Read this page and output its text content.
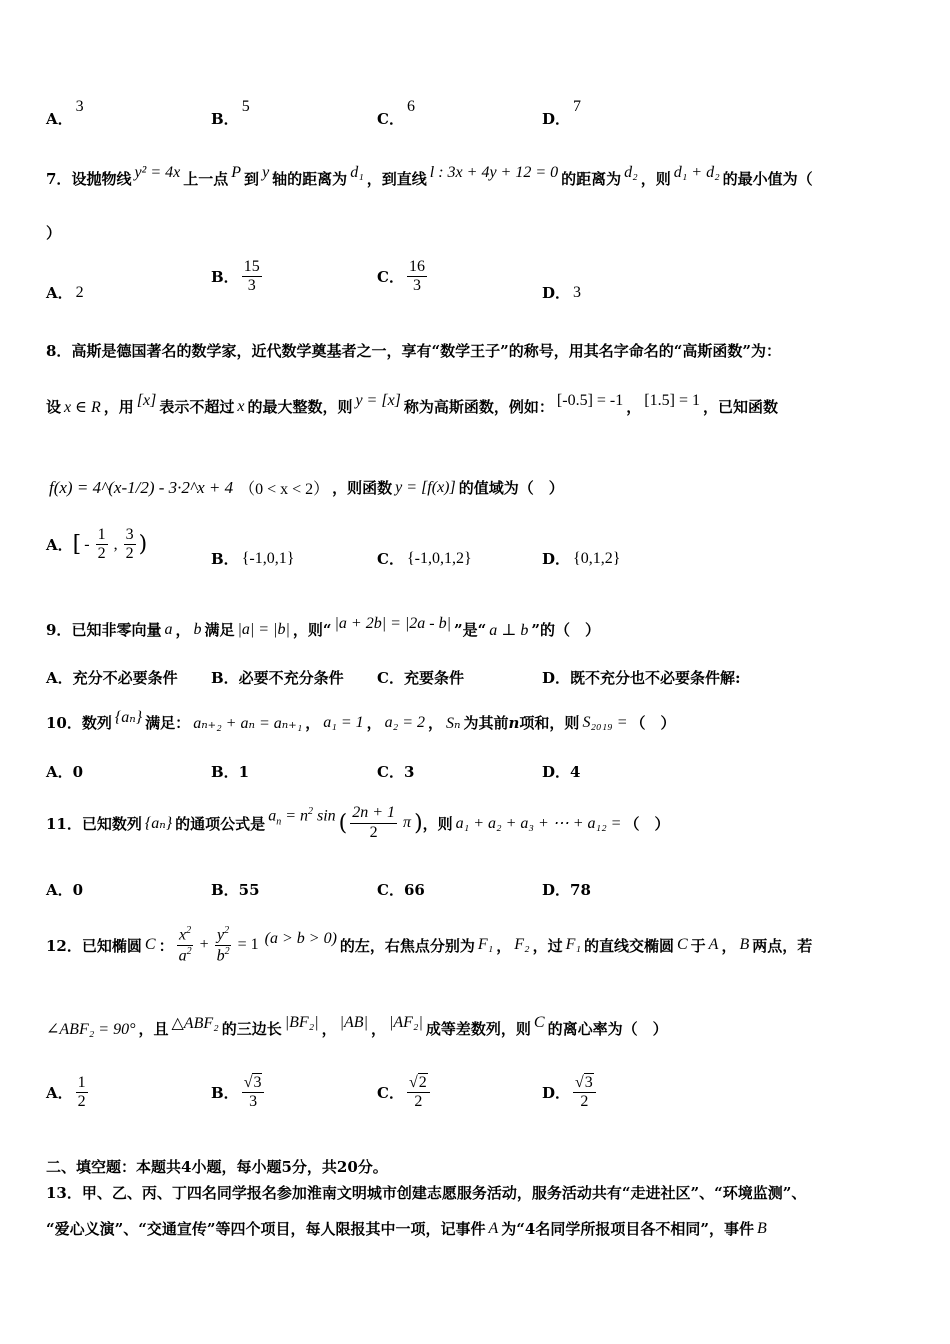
A．
3
B．
5
C．
6
D．
7
7． 设抛物线 y² = 4x 上一点 P 到 y 轴的距离为 d₁ ，到直线 l : 3x + 4y + 12 = 0 的距离为 d₂ ，则 d₁ + d₂ 的最小值为（
）
A． 2
B． $\frac{15}{3}$	C． $\frac{16}{3}$	D． 3
8． 高斯是德国著名的数学家，近代数学奠基者之一，享有“数学王子”的称号，用其名字命名的“高斯函数”为：
设 x ∈ R ，用 [x] 表示不超过 x 的最大整数，则 y = [x] 称为高斯函数，例如： [-0.5] = -1 ， [1.5] = 1 ，已知函数
f(x) = 4^(x-1/2) - 3·2^x + 4 （0 < x < 2） ，则函数 y = [f(x)] 的值域为（　）
A． [ - $\frac{1}{2}$ , $\frac{3}{2}$ )
B． {-1,0,1}	C． {-1,0,1,2}	D． {0,1,2}
9． 已知非零向量 a ， b 满足 |a| = |b| ，则“ |a + 2b| = |2a - b| ”是“ a ⊥ b ”的（　）
A．充分不必要条件 B．必要不充分条件 C．充要条件	D．既不充分也不必要条件解:
10． 数列 {aₙ} 满足： aₙ₊₂ + aₙ = aₙ₊₁ ， a₁ = 1 ， a₂ = 2 ， Sₙ 为其前 n 项和，则 S₂₀₁₉ = （　）
A．0	B．1	C．3	D．4
11． 已知数列 {aₙ} 的通项公式是 $a_n = n^2$ sin ( $\frac{2n + 1}{2}$ π ) ，则 a₁ + a₂ + a₃ + ⋯ + a₁₂ = （　）
A．0	B．55	C．66	D．78
12． 已知椭圆 C ： $\frac{x^2}{a^2} + \frac{y^2}{b^2} = 1$ (a > b > 0) 的左，右焦点分别为 F₁ ， F₂ ，过 F₁ 的直线交椭圆 C 于 A ， B 两点，若
∠ABF₂ = 90° ，且 △ABF₂ 的三边长 |BF₂| ， |AB| ， |AF₂| 成等差数列，则 C 的离心率为（　）
A． $\frac{1}{2}$	B． $\frac{√3}{3}$	C． $\frac{√2}{2}$	D． $\frac{√3}{2}$
二、填空题：本题共4小题，每小题5分，共20分。
13． 甲、乙、丙、丁四名同学报名参加淮南文明城市创建志愿服务活动，服务活动共有“走进社区”、“环境监测”、
“爱心义演”、“交通宣传”等四个项目，每人限报其中一项，记事件 A 为“4名同学所报项目各不相同”，事件 B
